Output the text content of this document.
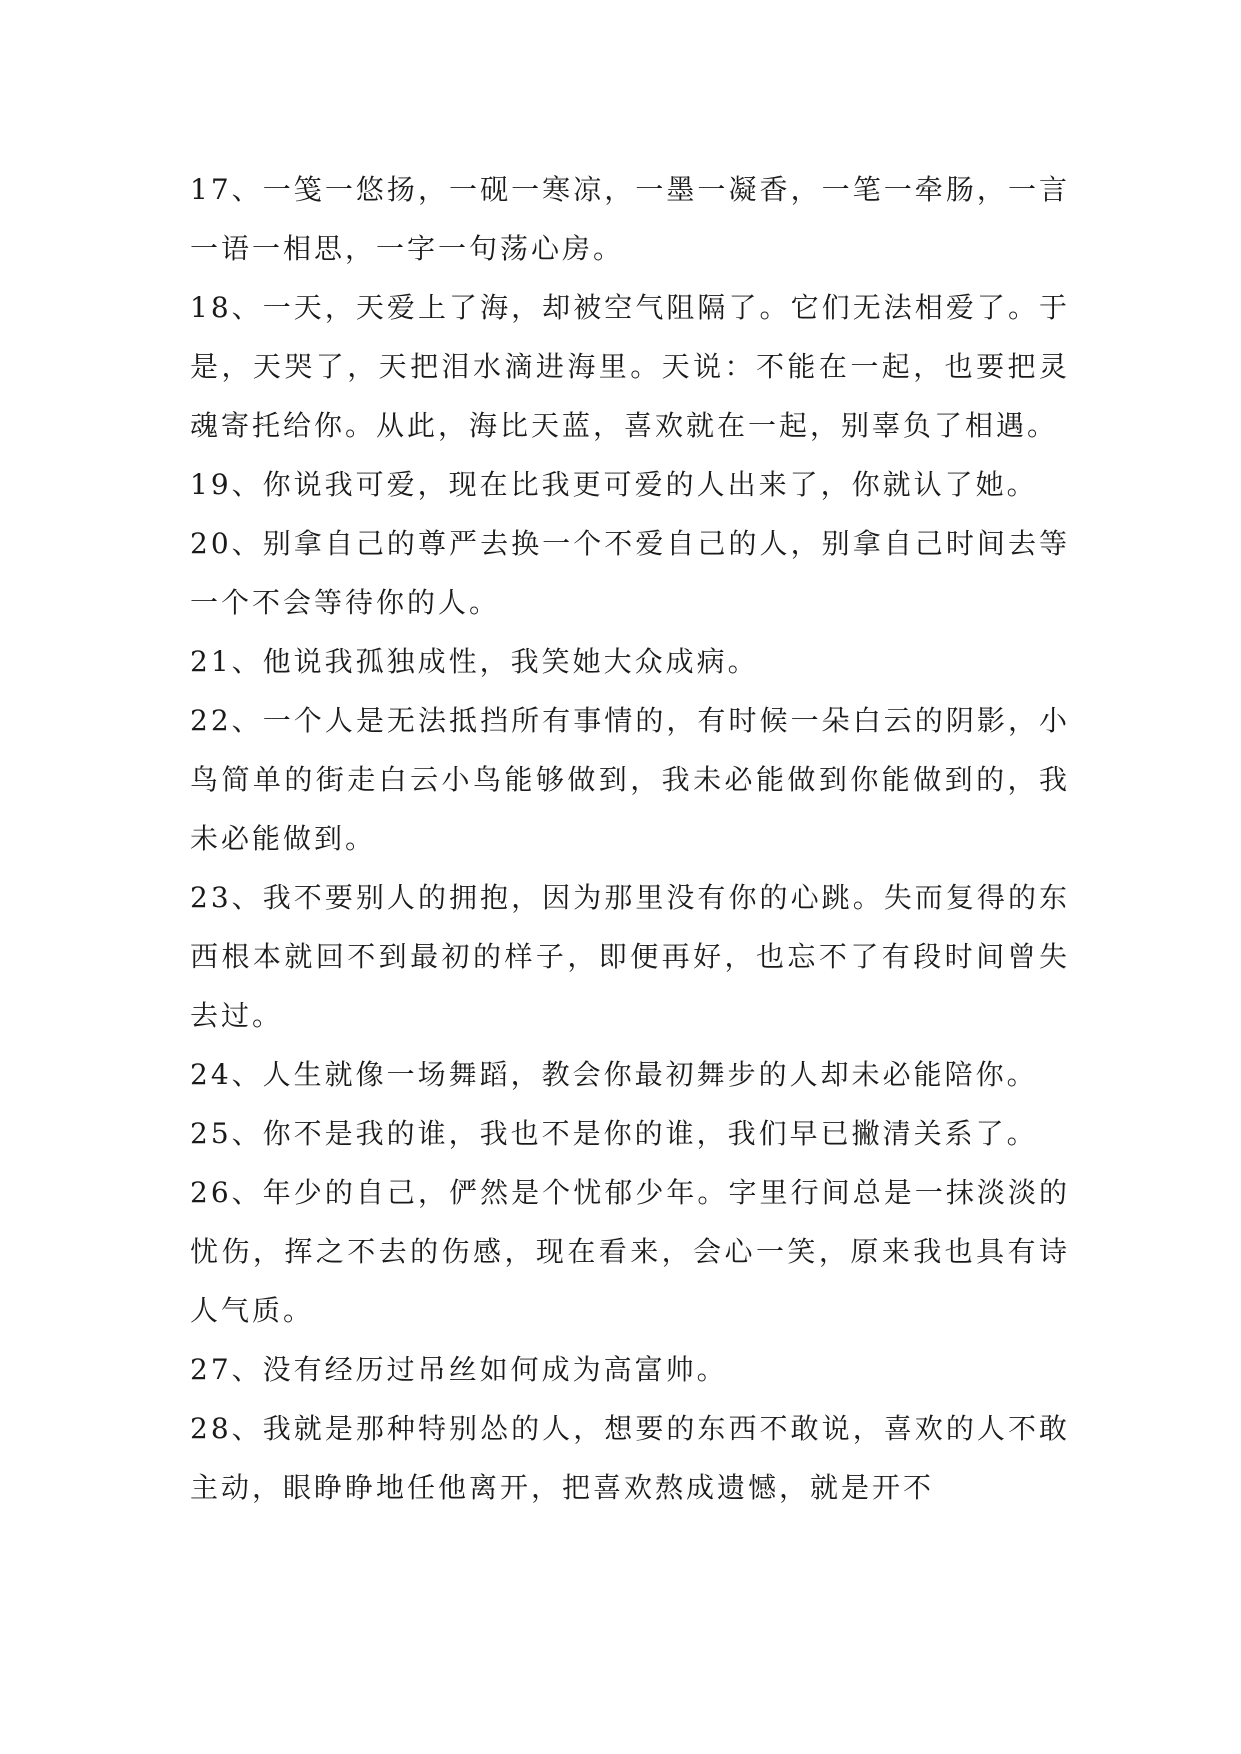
17、一笺一悠扬，一砚一寒凉，一墨一凝香，一笔一牵肠，一言一语一相思，一字一句荡心房。

18、一天，天爱上了海，却被空气阻隔了。它们无法相爱了。于是，天哭了，天把泪水滴进海里。天说：不能在一起，也要把灵魂寄托给你。从此，海比天蓝，喜欢就在一起，别辜负了相遇。

19、你说我可爱，现在比我更可爱的人出来了，你就认了她。

20、别拿自己的尊严去换一个不爱自己的人，别拿自己时间去等一个不会等待你的人。

21、他说我孤独成性，我笑她大众成病。

22、一个人是无法抵挡所有事情的，有时候一朵白云的阴影，小鸟简单的街走白云小鸟能够做到，我未必能做到你能做到的，我未必能做到。

23、我不要别人的拥抱，因为那里没有你的心跳。失而复得的东西根本就回不到最初的样子，即便再好，也忘不了有段时间曾失去过。

24、人生就像一场舞蹈，教会你最初舞步的人却未必能陪你。

25、你不是我的谁，我也不是你的谁，我们早已撇清关系了。

26、年少的自己，俨然是个忧郁少年。字里行间总是一抹淡淡的忧伤，挥之不去的伤感，现在看来，会心一笑，原来我也具有诗人气质。

27、没有经历过吊丝如何成为高富帅。

28、我就是那种特别怂的人，想要的东西不敢说，喜欢的人不敢主动，眼睁睁地任他离开，把喜欢熬成遗憾，就是开不
